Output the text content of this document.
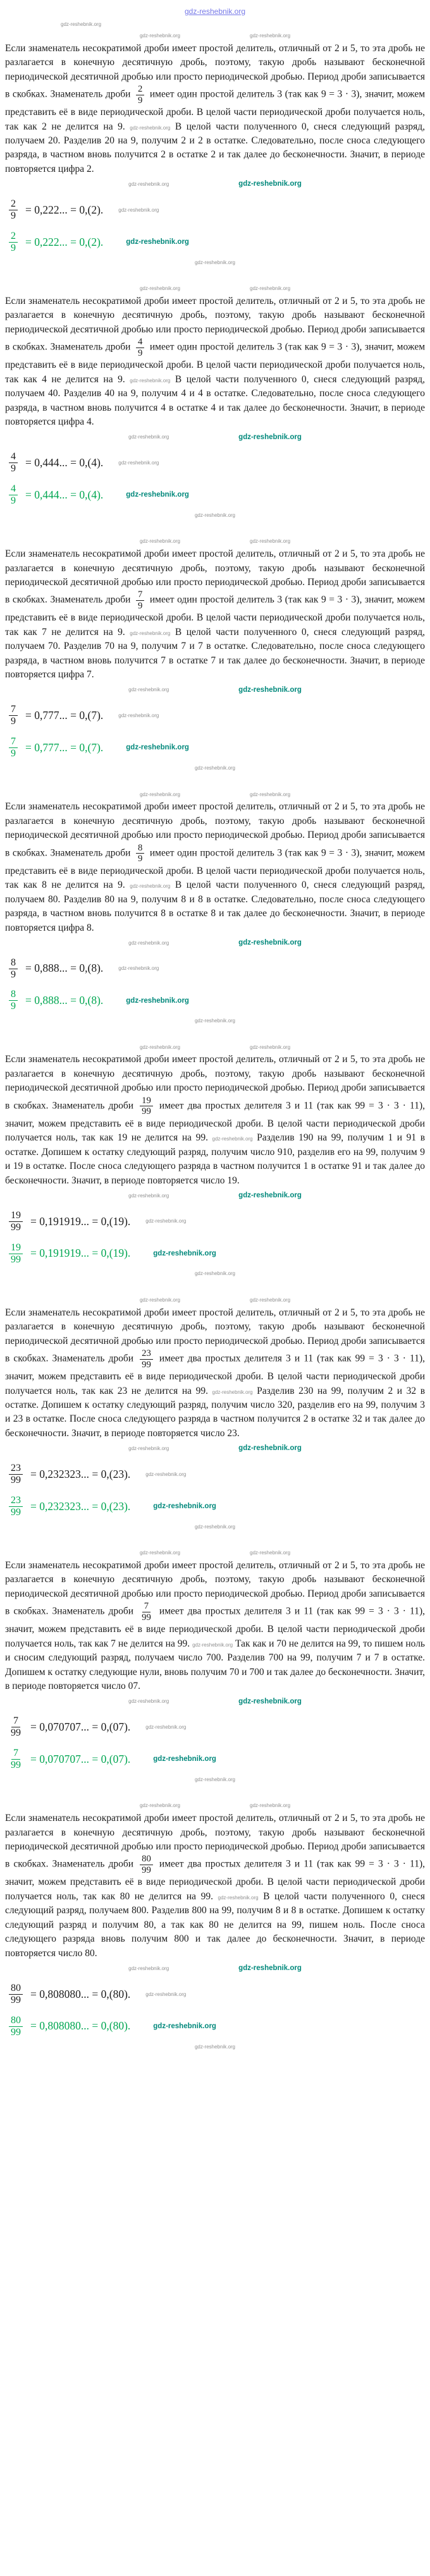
gdz-reshebnik.org
gdz-reshebnik.org
gdz-reshebnik.org	gdz-reshebnik.org

Если знаменатель несократимой дроби имеет простой делитель, отличный от 2 и 5, то эта дробь не разлагается в конечную десятичную дробь, поэтому, такую дробь называют бесконечной периодической десятичной дробью или просто периодической дробью. Период дроби записывается в скобках. Знаменатель дроби $\frac{2}{9}$ имеет один простой делитель 3 (так как 9 = 3 · 3), значит, можем представить её в виде периодической дроби. В целой части периодической дроби получается ноль, так как 2 не делится на 9. gdz-reshebnik.org В целой части полученного 0, снеся следующий разряд, получаем 20. Разделив 20 на 9, получим 2 и 2 в остатке. Следовательно, после сноса следующего разряда, в частном вновь получится 2 в остатке 2 и так далее до бесконечности. Значит, в периоде повторяется цифра 2.

gdz-reshebnik.org	gdz-reshebnik.org
$\frac{2}{9} = 0,222$... = 0,(2).	gdz-reshebnik.org
$\frac{2}{9} = 0,222$... = 0,(2).	gdz-reshebnik.org
gdz-reshebnik.org
gdz-reshebnik.org	gdz-reshebnik.org

Если знаменатель несократимой дроби имеет простой делитель, отличный от 2 и 5, то эта дробь не разлагается в конечную десятичную дробь, поэтому, такую дробь называют бесконечной периодической десятичной дробью или просто периодической дробью. Период дроби записывается в скобках. Знаменатель дроби $\frac{4}{9}$ имеет один простой делитель 3 (так как 9 = 3 · 3), значит, можем представить её в виде периодической дроби. В целой части периодической дроби получается ноль, так как 4 не делится на 9. gdz-reshebnik.org В целой части полученного 0, снеся следующий разряд, получаем 40. Разделив 40 на 9, получим 4 и 4 в остатке. Следовательно, после сноса следующего разряда, в частном вновь получится 4 в остатке 4 и так далее до бесконечности. Значит, в периоде повторяется цифра 4.

gdz-reshebnik.org	gdz-reshebnik.org
$\frac{4}{9} = 0,444$... = 0,(4).	gdz-reshebnik.org
$\frac{4}{9} = 0,444$... = 0,(4).	gdz-reshebnik.org
gdz-reshebnik.org
gdz-reshebnik.org	gdz-reshebnik.org

Если знаменатель несократимой дроби имеет простой делитель, отличный от 2 и 5, то эта дробь не разлагается в конечную десятичную дробь, поэтому, такую дробь называют бесконечной периодической десятичной дробью или просто периодической дробью. Период дроби записывается в скобках. Знаменатель дроби $\frac{7}{9}$ имеет один простой делитель 3 (так как 9 = 3 · 3), значит, можем представить её в виде периодической дроби. В целой части периодической дроби получается ноль, так как 7 не делится на 9. gdz-reshebnik.org В целой части полученного 0, снеся следующий разряд, получаем 70. Разделив 70 на 9, получим 7 и 7 в остатке. Следовательно, после сноса следующего разряда, в частном вновь получится 7 в остатке 7 и так далее до бесконечности. Значит, в периоде повторяется цифра 7.

gdz-reshebnik.org	gdz-reshebnik.org
$\frac{7}{9} = 0,777$... = 0,(7).	gdz-reshebnik.org
$\frac{7}{9} = 0,777$... = 0,(7).	gdz-reshebnik.org
gdz-reshebnik.org
gdz-reshebnik.org	gdz-reshebnik.org

Если знаменатель несократимой дроби имеет простой делитель, отличный от 2 и 5, то эта дробь не разлагается в конечную десятичную дробь, поэтому, такую дробь называют бесконечной периодической десятичной дробью или просто периодической дробью. Период дроби записывается в скобках. Знаменатель дроби $\frac{8}{9}$ имеет один простой делитель 3 (так как 9 = 3 · 3), значит, можем представить её в виде периодической дроби. В целой части периодической дроби получается ноль, так как 8 не делится на 9. gdz-reshebnik.org В целой части полученного 0, снеся следующий разряд, получаем 80. Разделив 80 на 9, получим 8 и 8 в остатке. Следовательно, после сноса следующего разряда, в частном вновь получится 8 в остатке 8 и так далее до бесконечности. Значит, в периоде повторяется цифра 8.

gdz-reshebnik.org	gdz-reshebnik.org
$\frac{8}{9} = 0,888$... = 0,(8).	gdz-reshebnik.org
$\frac{8}{9} = 0,888$... = 0,(8).	gdz-reshebnik.org
gdz-reshebnik.org
gdz-reshebnik.org	gdz-reshebnik.org

Если знаменатель несократимой дроби имеет простой делитель, отличный от 2 и 5, то эта дробь не разлагается в конечную десятичную дробь, поэтому, такую дробь называют бесконечной периодической десятичной дробью или просто периодической дробью. Период дроби записывается в скобках. Знаменатель дроби $\frac{19}{99}$ имеет два простых делителя 3 и 11 (так как 99 = 3 · 3 · 11), значит, можем представить её в виде периодической дроби. В целой части периодической дроби получается ноль, так как 19 не делится на 99. gdz-reshebnik.org Разделив 190 на 99, получим 1 и 91 в остатке. Допишем к остатку следующий разряд, получим число 910, разделив его на 99, получим 9 и 19 в остатке. После сноса следующего разряда в частном получится 1 в остатке 91 и так далее до бесконечности. Значит, в периоде повторяется число 19.

gdz-reshebnik.org	gdz-reshebnik.org
$\frac{19}{99} = 0,191919$... = 0,(19).	gdz-reshebnik.org
$\frac{19}{99} = 0,191919$... = 0,(19).	gdz-reshebnik.org
gdz-reshebnik.org
gdz-reshebnik.org	gdz-reshebnik.org

Если знаменатель несократимой дроби имеет простой делитель, отличный от 2 и 5, то эта дробь не разлагается в конечную десятичную дробь, поэтому, такую дробь называют бесконечной периодической десятичной дробью или просто периодической дробью. Период дроби записывается в скобках. Знаменатель дроби $\frac{23}{99}$ имеет два простых делителя 3 и 11 (так как 99 = 3 · 3 · 11), значит, можем представить её в виде периодической дроби. В целой части периодической дроби получается ноль, так как 23 не делится на 99. gdz-reshebnik.org Разделив 230 на 99, получим 2 и 32 в остатке. Допишем к остатку следующий разряд, получим число 320, разделив его на 99, получим 3 и 23 в остатке. После сноса следующего разряда в частном получится 2 в остатке 32 и так далее до бесконечности. Значит, в периоде повторяется число 23.

gdz-reshebnik.org	gdz-reshebnik.org
$\frac{23}{99} = 0,232323$... = 0,(23).	gdz-reshebnik.org
$\frac{23}{99} = 0,232323$... = 0,(23).	gdz-reshebnik.org
gdz-reshebnik.org
gdz-reshebnik.org	gdz-reshebnik.org

Если знаменатель несократимой дроби имеет простой делитель, отличный от 2 и 5, то эта дробь не разлагается в конечную десятичную дробь, поэтому, такую дробь называют бесконечной периодической десятичной дробью или просто периодической дробью. Период дроби записывается в скобках. Знаменатель дроби $\frac{7}{99}$ имеет два простых делителя 3 и 11 (так как 99 = 3 · 3 · 11), значит, можем представить её в виде периодической дроби. В целой части периодической дроби получается ноль, так как 7 не делится на 99. gdz-reshebnik.org Так как и 70 не делится на 99, то пишем ноль и сносим следующий разряд, получаем число 700. Разделив 700 на 99, получим 7 и 7 в остатке. Допишем к остатку следующие нули, вновь получим 70 и 700 и так далее до бесконечности. Значит, в периоде повторяется число 07.

gdz-reshebnik.org	gdz-reshebnik.org
$\frac{7}{99} = 0,070707$... = 0,(07).	gdz-reshebnik.org
$\frac{7}{99} = 0,070707$... = 0,(07).	gdz-reshebnik.org
gdz-reshebnik.org
gdz-reshebnik.org	gdz-reshebnik.org

Если знаменатель несократимой дроби имеет простой делитель, отличный от 2 и 5, то эта дробь не разлагается в конечную десятичную дробь, поэтому, такую дробь называют бесконечной периодической десятичной дробью или просто периодической дробью. Период дроби записывается в скобках. Знаменатель дроби $\frac{80}{99}$ имеет два простых делителя 3 и 11 (так как 99 = 3 · 3 · 11), значит, можем представить её в виде периодической дроби. В целой части периодической дроби получается ноль, так как 80 не делится на 99. gdz-reshebnik.org В целой части полученного 0, снеся следующий разряд, получаем 800. Разделив 800 на 99, получим 8 и 8 в остатке. Допишем к остатку следующий разряд и получим 80, а так как 80 не делится на 99, пишем ноль. После сноса следующего разряда вновь получим 800 и так далее до бесконечности. Значит, в периоде повторяется число 80.

gdz-reshebnik.org	gdz-reshebnik.org
$\frac{80}{99} = 0,808080$... = 0,(80).	gdz-reshebnik.org
$\frac{80}{99} = 0,808080$... = 0,(80).	gdz-reshebnik.org
gdz-reshebnik.org
